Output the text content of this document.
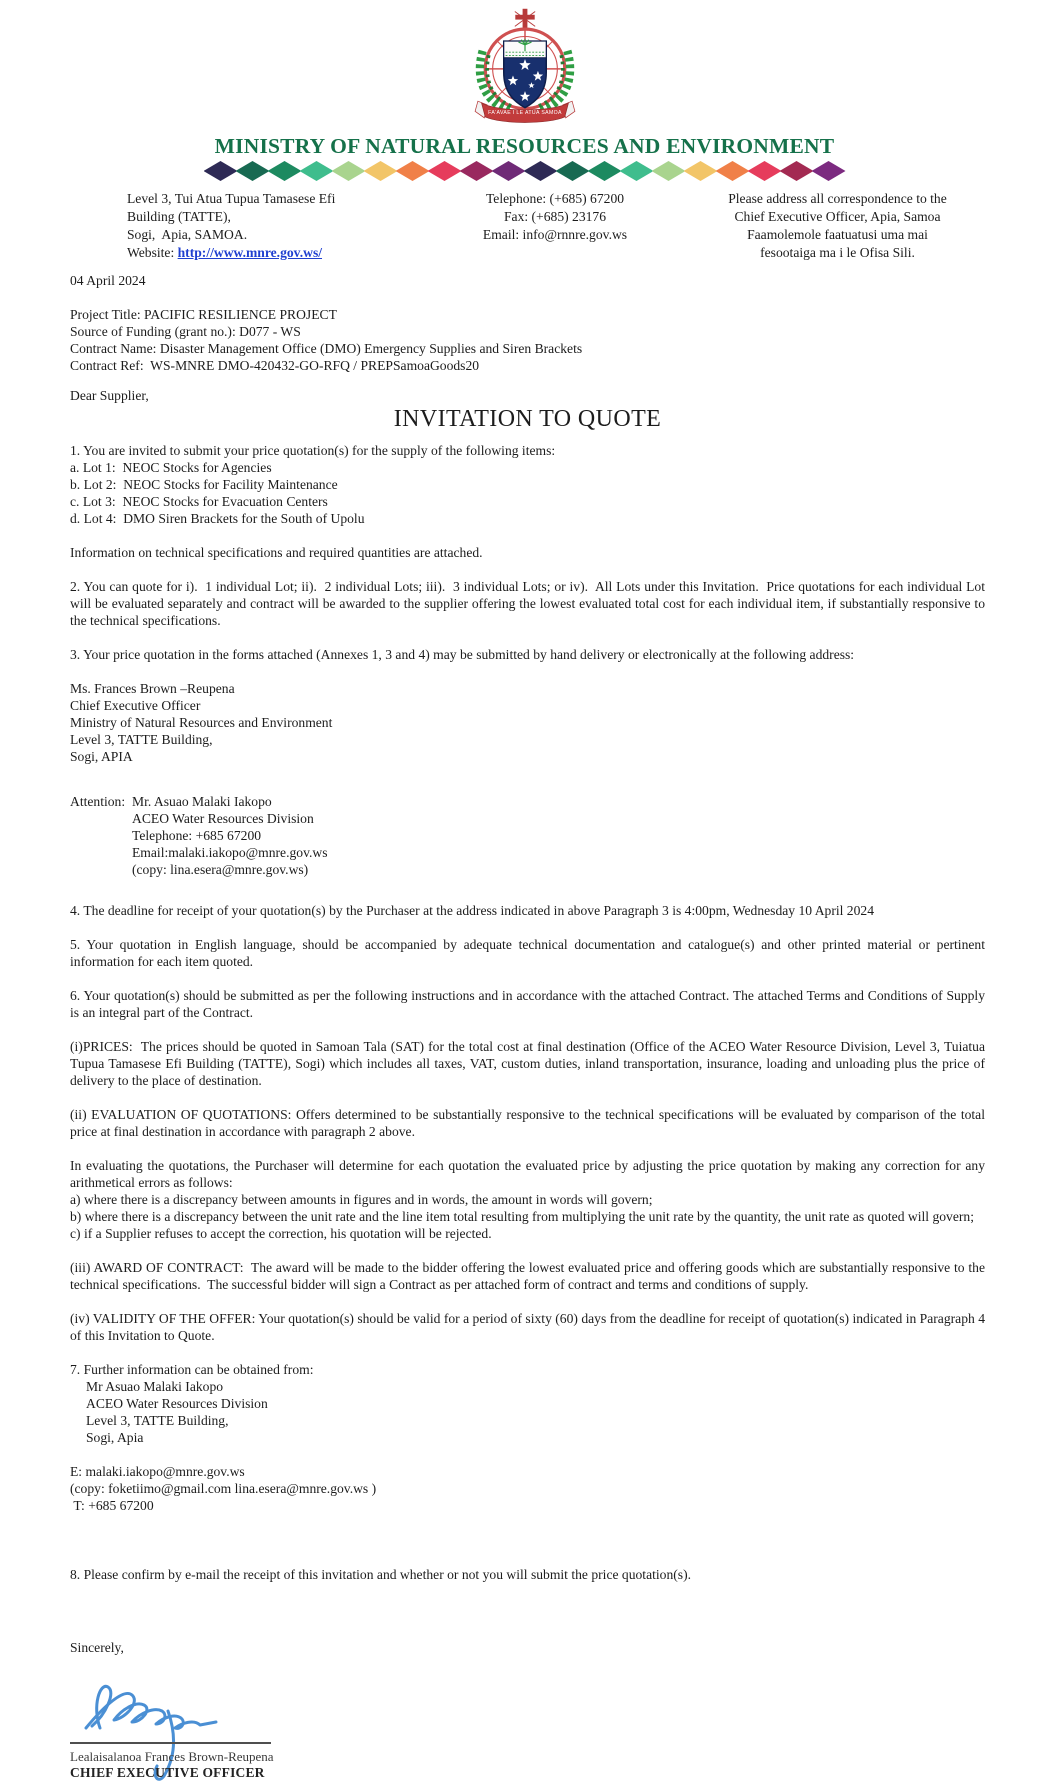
FA'AVAE I LE ATUA SAMOA
MINISTRY OF NATURAL RESOURCES AND ENVIRONMENT
Level 3, Tui Atua Tupua Tamasese Efi
Building (TATTE),
Sogi,  Apia, SAMOA.
Website: http://www.mnre.gov.ws/
Telephone: (+685) 67200
Fax: (+685) 23176
Email: info@rnnre.gov.ws
Please address all correspondence to the
Chief Executive Officer, Apia, Samoa
Faamolemole faatuatusi uma mai
fesootaiga ma i le Ofisa Sili.
04 April 2024
Project Title: PACIFIC RESILIENCE PROJECT
Source of Funding (grant no.): D077 - WS
Contract Name: Disaster Management Office (DMO) Emergency Supplies and Siren Brackets
Contract Ref:  WS-MNRE DMO-420432-GO-RFQ / PREPSamoaGoods20
Dear Supplier,
INVITATION TO QUOTE
1. You are invited to submit your price quotation(s) for the supply of the following items:
a. Lot 1:  NEOC Stocks for Agencies
b. Lot 2:  NEOC Stocks for Facility Maintenance
c. Lot 3:  NEOC Stocks for Evacuation Centers
d. Lot 4:  DMO Siren Brackets for the South of Upolu
Information on technical specifications and required quantities are attached.
2. You can quote for i).  1 individual Lot; ii).  2 individual Lots; iii).  3 individual Lots; or iv).  All Lots under this Invitation.  Price quotations for each individual Lot will be evaluated separately and contract will be awarded to the supplier offering the lowest evaluated total cost for each individual item, if substantially responsive to the technical specifications.
3. Your price quotation in the forms attached (Annexes 1, 3 and 4) may be submitted by hand delivery or electronically at the following address:
Ms. Frances Brown –Reupena
Chief Executive Officer
Ministry of Natural Resources and Environment
Level 3, TATTE Building,
Sogi, APIA
Attention: Mr. Asuao Malaki Iakopo
ACEO Water Resources Division
Telephone: +685 67200
Email:malaki.iakopo@mnre.gov.ws
(copy: lina.esera@mnre.gov.ws)
4. The deadline for receipt of your quotation(s) by the Purchaser at the address indicated in above Paragraph 3 is 4:00pm, Wednesday 10 April 2024
5. Your quotation in English language, should be accompanied by adequate technical documentation and catalogue(s) and other printed material or pertinent information for each item quoted.
6. Your quotation(s) should be submitted as per the following instructions and in accordance with the attached Contract. The attached Terms and Conditions of Supply is an integral part of the Contract.
(i)PRICES:  The prices should be quoted in Samoan Tala (SAT) for the total cost at final destination (Office of the ACEO Water Resource Division, Level 3, Tuiatua Tupua Tamasese Efi Building (TATTE), Sogi) which includes all taxes, VAT, custom duties, inland transportation, insurance, loading and unloading plus the price of delivery to the place of destination.
(ii) EVALUATION OF QUOTATIONS: Offers determined to be substantially responsive to the technical specifications will be evaluated by comparison of the total price at final destination in accordance with paragraph 2 above.
In evaluating the quotations, the Purchaser will determine for each quotation the evaluated price by adjusting the price quotation by making any correction for any arithmetical errors as follows:
a) where there is a discrepancy between amounts in figures and in words, the amount in words will govern;
b) where there is a discrepancy between the unit rate and the line item total resulting from multiplying the unit rate by the quantity, the unit rate as quoted will govern;
c) if a Supplier refuses to accept the correction, his quotation will be rejected.
(iii) AWARD OF CONTRACT:  The award will be made to the bidder offering the lowest evaluated price and offering goods which are substantially responsive to the technical specifications.  The successful bidder will sign a Contract as per attached form of contract and terms and conditions of supply.
(iv) VALIDITY OF THE OFFER: Your quotation(s) should be valid for a period of sixty (60) days from the deadline for receipt of quotation(s) indicated in Paragraph 4 of this Invitation to Quote.
7. Further information can be obtained from:
Mr Asuao Malaki Iakopo
ACEO Water Resources Division
Level 3, TATTE Building,
Sogi, Apia
E: malaki.iakopo@mnre.gov.ws
(copy: foketiimo@gmail.com lina.esera@mnre.gov.ws )
T: +685 67200
8. Please confirm by e-mail the receipt of this invitation and whether or not you will submit the price quotation(s).
Sincerely,
Lealaisalanoa Frances Brown-Reupena
CHIEF EXECUTIVE OFFICER
